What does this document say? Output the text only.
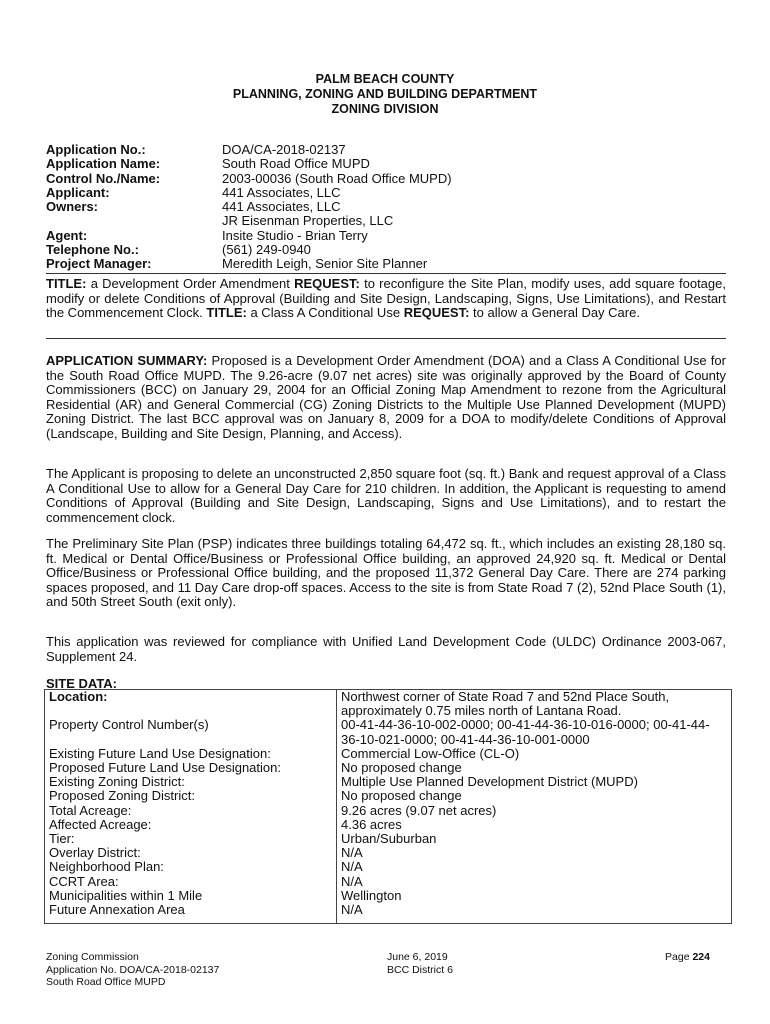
PALM BEACH COUNTY
PLANNING, ZONING AND BUILDING DEPARTMENT
ZONING DIVISION
Application No.:	DOA/CA-2018-02137
Application Name:	South Road Office MUPD
Control No./Name:	2003-00036 (South Road Office MUPD)
Applicant:	441 Associates, LLC
Owners:	441 Associates, LLC
JR Eisenman Properties, LLC
Agent:	Insite Studio - Brian Terry
Telephone No.:	(561) 249-0940
Project Manager:	Meredith Leigh, Senior Site Planner
TITLE: a Development Order Amendment REQUEST: to reconfigure the Site Plan, modify uses, add square footage, modify or delete Conditions of Approval (Building and Site Design, Landscaping, Signs, Use Limitations), and Restart the Commencement Clock. TITLE: a Class A Conditional Use REQUEST: to allow a General Day Care.
APPLICATION SUMMARY: Proposed is a Development Order Amendment (DOA) and a Class A Conditional Use for the South Road Office MUPD. The 9.26-acre (9.07 net acres) site was originally approved by the Board of County Commissioners (BCC) on January 29, 2004 for an Official Zoning Map Amendment to rezone from the Agricultural Residential (AR) and General Commercial (CG) Zoning Districts to the Multiple Use Planned Development (MUPD) Zoning District. The last BCC approval was on January 8, 2009 for a DOA to modify/delete Conditions of Approval (Landscape, Building and Site Design, Planning, and Access).
The Applicant is proposing to delete an unconstructed 2,850 square foot (sq. ft.) Bank and request approval of a Class A Conditional Use to allow for a General Day Care for 210 children. In addition, the Applicant is requesting to amend Conditions of Approval (Building and Site Design, Landscaping, Signs and Use Limitations), and to restart the commencement clock.
The Preliminary Site Plan (PSP) indicates three buildings totaling 64,472 sq. ft., which includes an existing 28,180 sq. ft. Medical or Dental Office/Business or Professional Office building, an approved 24,920 sq. ft. Medical or Dental Office/Business or Professional Office building, and the proposed 11,372 General Day Care. There are 274 parking spaces proposed, and 11 Day Care drop-off spaces. Access to the site is from State Road 7 (2), 52nd Place South (1), and 50th Street South (exit only).
This application was reviewed for compliance with Unified Land Development Code (ULDC) Ordinance 2003-067, Supplement 24.
SITE DATA:
Location:	Northwest corner of State Road 7 and 52nd Place South, approximately 0.75 miles north of Lantana Road.
Property Control Number(s)	00-41-44-36-10-002-0000; 00-41-44-36-10-016-0000; 00-41-44-36-10-021-0000; 00-41-44-36-10-001-0000
Existing Future Land Use Designation:	Commercial Low-Office (CL-O)
Proposed Future Land Use Designation:	No proposed change
Existing Zoning District:	Multiple Use Planned Development District (MUPD)
Proposed Zoning District:	No proposed change
Total Acreage:	9.26 acres (9.07 net acres)
Affected Acreage:	4.36 acres
Tier:	Urban/Suburban
Overlay District:	N/A
Neighborhood Plan:	N/A
CCRT Area:	N/A
Municipalities within 1 Mile	Wellington
Future Annexation Area	N/A
Zoning Commission
Application No. DOA/CA-2018-02137
South Road Office MUPD
June 6, 2019
BCC District 6
Page 224
